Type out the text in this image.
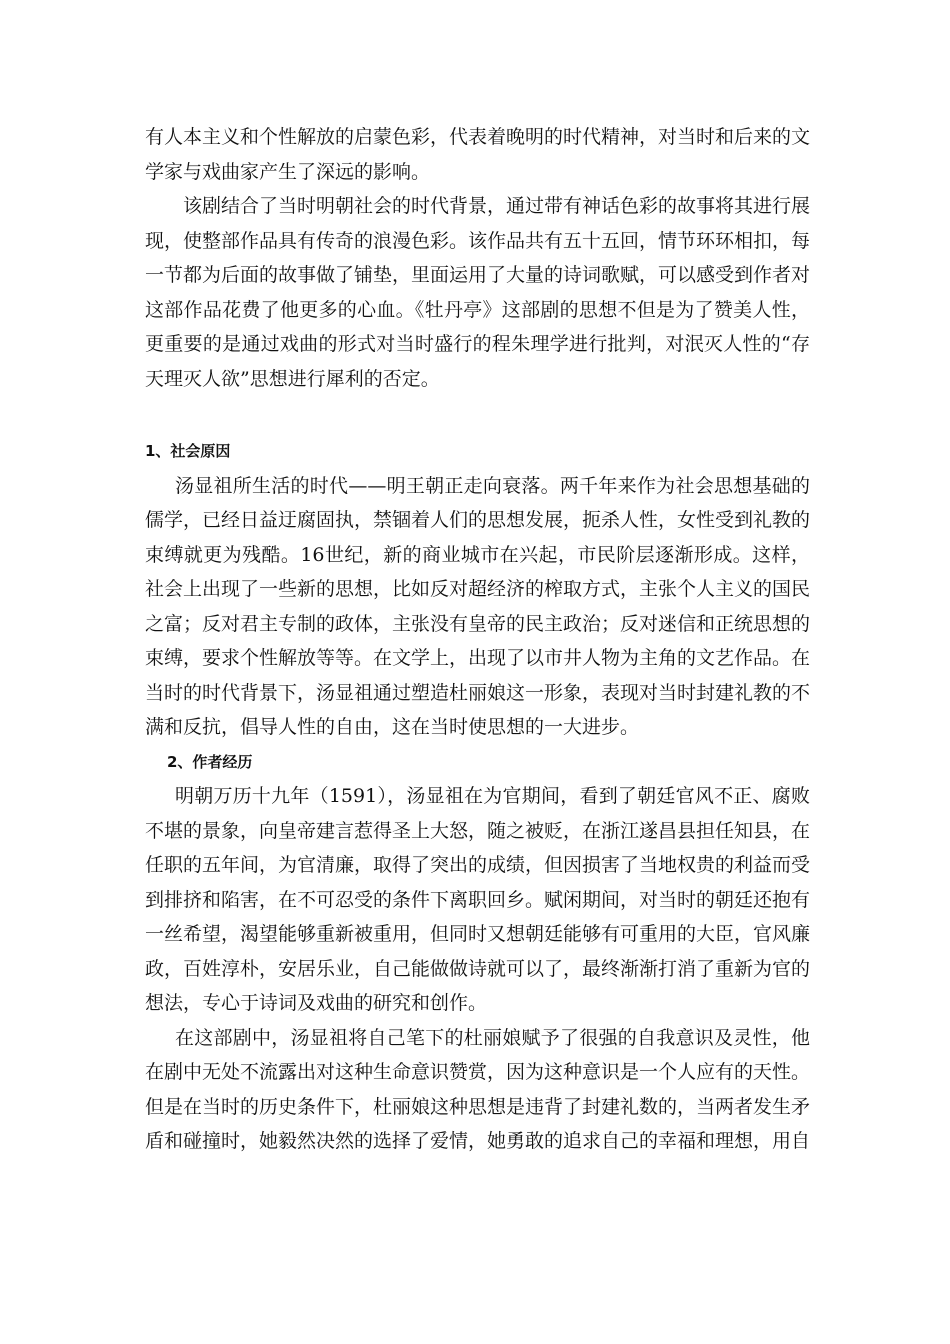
有人本主义和个性解放的启蒙色彩，代表着晚明的时代精神，对当时和后来的文学家与戏曲家产生了深远的影响。

该剧结合了当时明朝社会的时代背景，通过带有神话色彩的故事将其进行展现，使整部作品具有传奇的浪漫色彩。该作品共有五十五回，情节环环相扣，每一节都为后面的故事做了铺垫，里面运用了大量的诗词歌赋，可以感受到作者对这部作品花费了他更多的心血。《牡丹亭》这部剧的思想不但是为了赞美人性，更重要的是通过戏曲的形式对当时盛行的程朱理学进行批判，对泯灭人性的“存天理灭人欲”思想进行犀利的否定。

1、社会原因

汤显祖所生活的时代——明王朝正走向衰落。两千年来作为社会思想基础的儒学，已经日益迂腐固执，禁锢着人们的思想发展，扼杀人性，女性受到礼教的束缚就更为残酷。16世纪，新的商业城市在兴起，市民阶层逐渐形成。这样，社会上出现了一些新的思想，比如反对超经济的榨取方式，主张个人主义的国民之富；反对君主专制的政体，主张没有皇帝的民主政治；反对迷信和正统思想的束缚，要求个性解放等等。在文学上，出现了以市井人物为主角的文艺作品。在当时的时代背景下，汤显祖通过塑造杜丽娘这一形象，表现对当时封建礼教的不满和反抗，倡导人性的自由，这在当时使思想的一大进步。

2、作者经历

明朝万历十九年（1591），汤显祖在为官期间，看到了朝廷官风不正、腐败不堪的景象，向皇帝建言惹得圣上大怒，随之被贬，在浙江遂昌县担任知县，在任职的五年间，为官清廉，取得了突出的成绩，但因损害了当地权贵的利益而受到排挤和陷害，在不可忍受的条件下离职回乡。赋闲期间，对当时的朝廷还抱有一丝希望，渴望能够重新被重用，但同时又想朝廷能够有可重用的大臣，官风廉政，百姓淳朴，安居乐业，自己能做做诗就可以了，最终渐渐打消了重新为官的想法，专心于诗词及戏曲的研究和创作。

在这部剧中，汤显祖将自己笔下的杜丽娘赋予了很强的自我意识及灵性，他在剧中无处不流露出对这种生命意识赞赏，因为这种意识是一个人应有的天性。但是在当时的历史条件下，杜丽娘这种思想是违背了封建礼数的，当两者发生矛盾和碰撞时，她毅然决然的选择了爱情，她勇敢的追求自己的幸福和理想，用自
